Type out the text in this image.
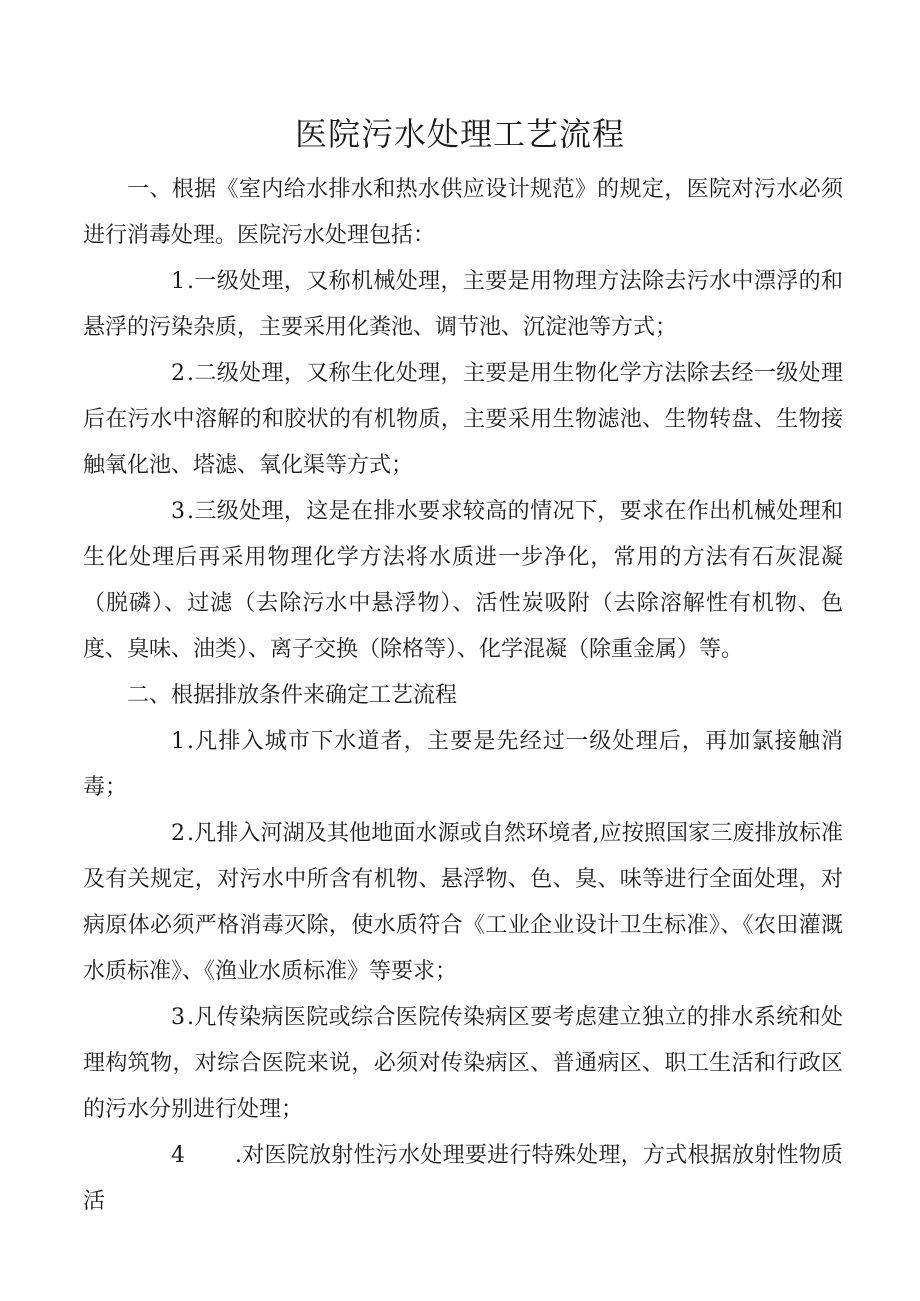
医院污水处理工艺流程

一、根据《室内给水排水和热水供应设计规范》的规定，医院对污水必须进行消毒处理。医院污水处理包括：

1.一级处理，又称机械处理，主要是用物理方法除去污水中漂浮的和悬浮的污染杂质，主要采用化粪池、调节池、沉淀池等方式；

2.二级处理，又称生化处理，主要是用生物化学方法除去经一级处理后在污水中溶解的和胶状的有机物质，主要采用生物滤池、生物转盘、生物接触氧化池、塔滤、氧化渠等方式；

3.三级处理，这是在排水要求较高的情况下，要求在作出机械处理和生化处理后再采用物理化学方法将水质进一步净化，常用的方法有石灰混凝（脱磷）、过滤（去除污水中悬浮物）、活性炭吸附（去除溶解性有机物、色度、臭味、油类）、离子交换（除格等）、化学混凝（除重金属）等。

二、根据排放条件来确定工艺流程

1.凡排入城市下水道者，主要是先经过一级处理后，再加氯接触消毒；

2.凡排入河湖及其他地面水源或自然环境者,应按照国家三废排放标准及有关规定，对污水中所含有机物、悬浮物、色、臭、味等进行全面处理，对病原体必须严格消毒灭除，使水质符合《工业企业设计卫生标准》、《农田灌溉水质标准》、《渔业水质标准》等要求；

3.凡传染病医院或综合医院传染病区要考虑建立独立的排水系统和处理构筑物，对综合医院来说，必须对传染病区、普通病区、职工生活和行政区的污水分别进行处理；

4 .对医院放射性污水处理要进行特殊处理，方式根据放射性物质活
